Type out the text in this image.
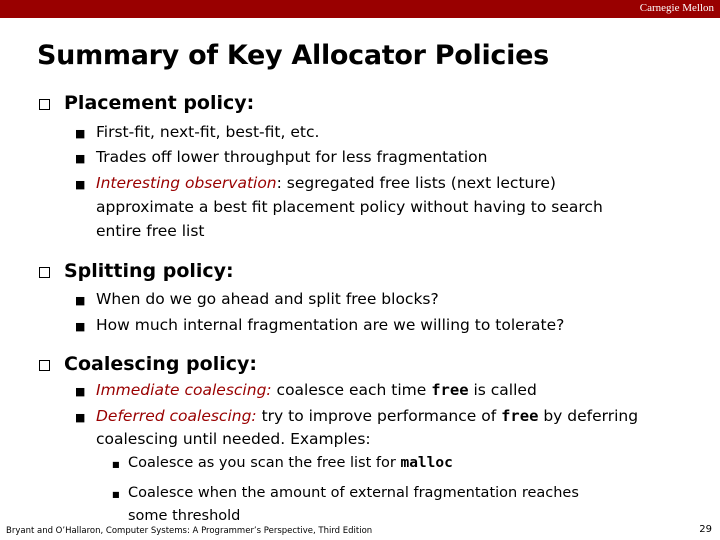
Carnegie Mellon
Summary of Key Allocator Policies
Placement policy:
■ First-fit, next-fit, best-fit, etc.
■ Trades off lower throughput for less fragmentation
■ Interesting observation: segregated free lists (next lecture)
approximate a best fit placement policy without having to search
entire free list
Splitting policy:
■ When do we go ahead and split free blocks?
■ How much internal fragmentation are we willing to tolerate?
Coalescing policy:
■ Immediate coalescing: coalesce each time free is called
■ Deferred coalescing: try to improve performance of free by deferring
coalescing until needed. Examples:
■ Coalesce as you scan the free list for malloc
■ Coalesce when the amount of external fragmentation reaches
some threshold
Bryant and O’Hallaron, Computer Systems: A Programmer’s Perspective, Third Edition	29
